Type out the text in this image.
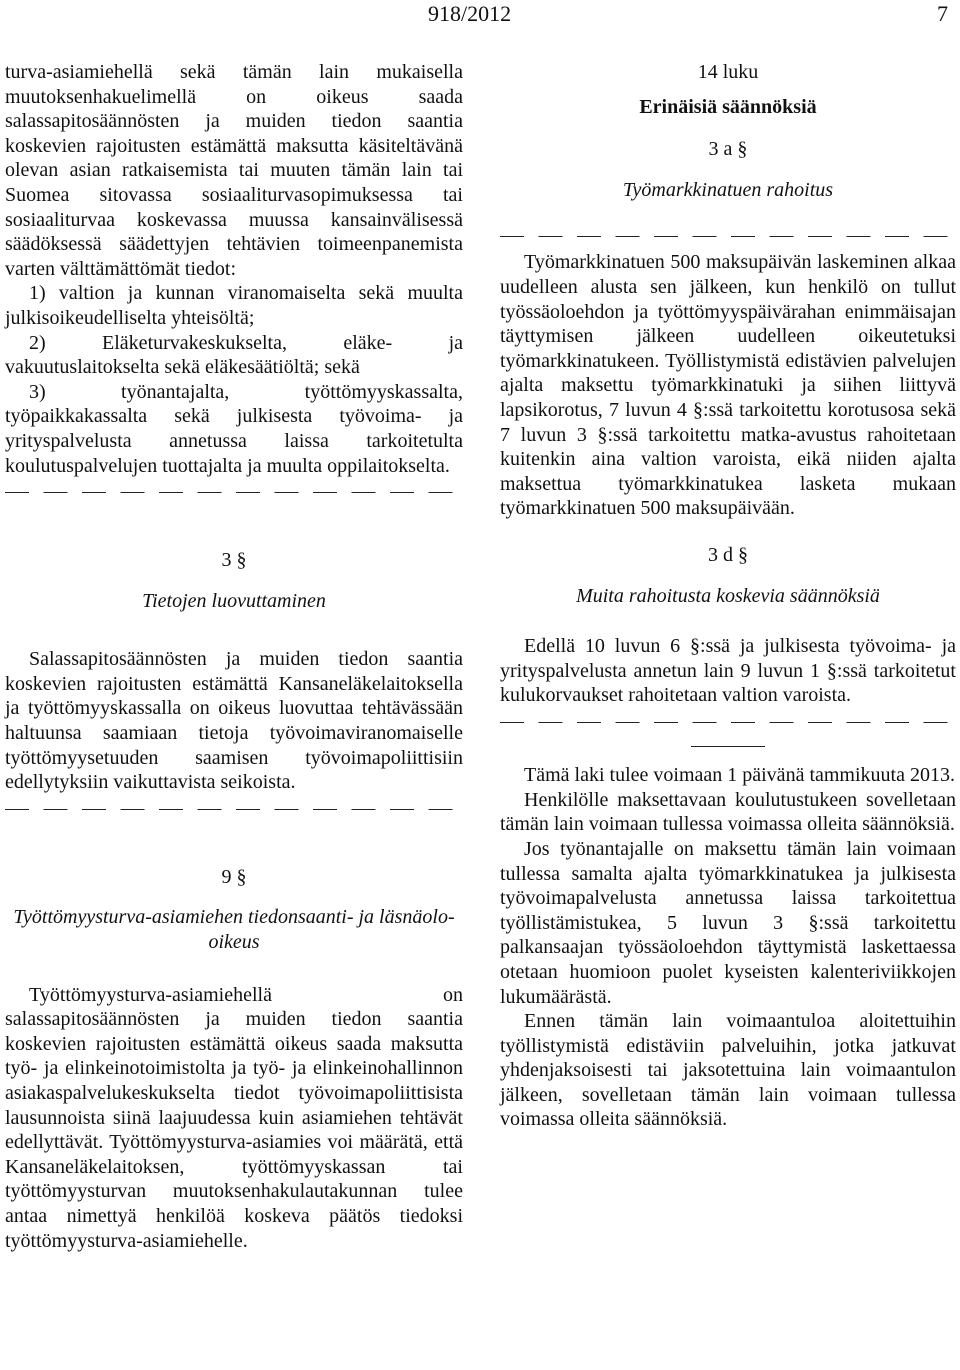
918/2012	7

turva-asiamiehellä sekä tämän lain mukaisella muutoksenhakuelimellä on oikeus saada salassapitosäännösten ja muiden tiedon saantia koskevien rajoitusten estämättä maksutta käsiteltävänä olevan asian ratkaisemista tai muuten tämän lain tai Suomea sitovassa sosiaaliturvasopimuksessa tai sosiaaliturvaa koskevassa muussa kansainvälisessä säädöksessä säädettyjen tehtävien toimeenpanemista varten välttämättömät tiedot:

1) valtion ja kunnan viranomaiselta sekä muulta julkisoikeudelliselta yhteisöltä;

2) Eläketurvakeskukselta, eläke- ja vakuutuslaitokselta sekä eläkesäätiöltä; sekä

3) työnantajalta, työttömyyskassalta, työpaikkakassalta sekä julkisesta työvoima- ja yrityspalvelusta annetussa laissa tarkoitetulta koulutuspalvelujen tuottajalta ja muulta oppilaitokselta.

3 §
Tietojen luovuttaminen

Salassapitosäännösten ja muiden tiedon saantia koskevien rajoitusten estämättä Kansaneläkelaitoksella ja työttömyyskassalla on oikeus luovuttaa tehtävässään haltuunsa saamiaan tietoja työvoimaviranomaiselle työttömyysetuuden saamisen työvoimapoliittisiin edellytyksiin vaikuttavista seikoista.

9 §
Työttömyysturva-asiamiehen tiedonsaanti- ja läsnäolo-oikeus

Työttömyysturva-asiamiehellä on salassapitosäännösten ja muiden tiedon saantia koskevien rajoitusten estämättä oikeus saada maksutta työ- ja elinkeinotoimistolta ja työ- ja elinkeinohallinnon asiakaspalvelukeskukselta tiedot työvoimapoliittisista lausunnoista siinä laajuudessa kuin asiamiehen tehtävät edellyttävät. Työttömyysturva-asiamies voi määrätä, että Kansaneläkelaitoksen, työttömyyskassan tai työttömyysturvan muutoksenhakulautakunnan tulee antaa nimettyä henkilöä koskeva päätös tiedoksi työttömyysturva-asiamiehelle.

14 luku
Erinäisiä säännöksiä
3 a §
Työmarkkinatuen rahoitus

Työmarkkinatuen 500 maksupäivän laskeminen alkaa uudelleen alusta sen jälkeen, kun henkilö on tullut työssäoloehdon ja työttömyyspäivärahan enimmäisajan täyttymisen jälkeen uudelleen oikeutetuksi työmarkkinatukeen. Työllistymistä edistävien palvelujen ajalta maksettu työmarkkinatuki ja siihen liittyvä lapsikorotus, 7 luvun 4 §:ssä tarkoitettu korotusosa sekä 7 luvun 3 §:ssä tarkoitettu matka-avustus rahoitetaan kuitenkin aina valtion varoista, eikä niiden ajalta maksettua työmarkkinatukea lasketa mukaan työmarkkinatuen 500 maksupäivään.

3 d §
Muita rahoitusta koskevia säännöksiä

Edellä 10 luvun 6 §:ssä ja julkisesta työvoima- ja yrityspalvelusta annetun lain 9 luvun 1 §:ssä tarkoitetut kulukorvaukset rahoitetaan valtion varoista.

Tämä laki tulee voimaan 1 päivänä tammikuuta 2013.

Henkilölle maksettavaan koulutustukeen sovelletaan tämän lain voimaan tullessa voimassa olleita säännöksiä.

Jos työnantajalle on maksettu tämän lain voimaan tullessa samalta ajalta työmarkkinatukea ja julkisesta työvoimapalvelusta annetussa laissa tarkoitettua työllistämistukea, 5 luvun 3 §:ssä tarkoitettu palkansaajan työssäoloehdon täyttymistä laskettaessa otetaan huomioon puolet kyseisten kalenteriviikkojen lukumäärästä.

Ennen tämän lain voimaantuloa aloitettuihin työllistymistä edistäviin palveluihin, jotka jatkuvat yhdenjaksoisesti tai jaksotettuina lain voimaantulon jälkeen, sovelletaan tämän lain voimaan tullessa voimassa olleita säännöksiä.
